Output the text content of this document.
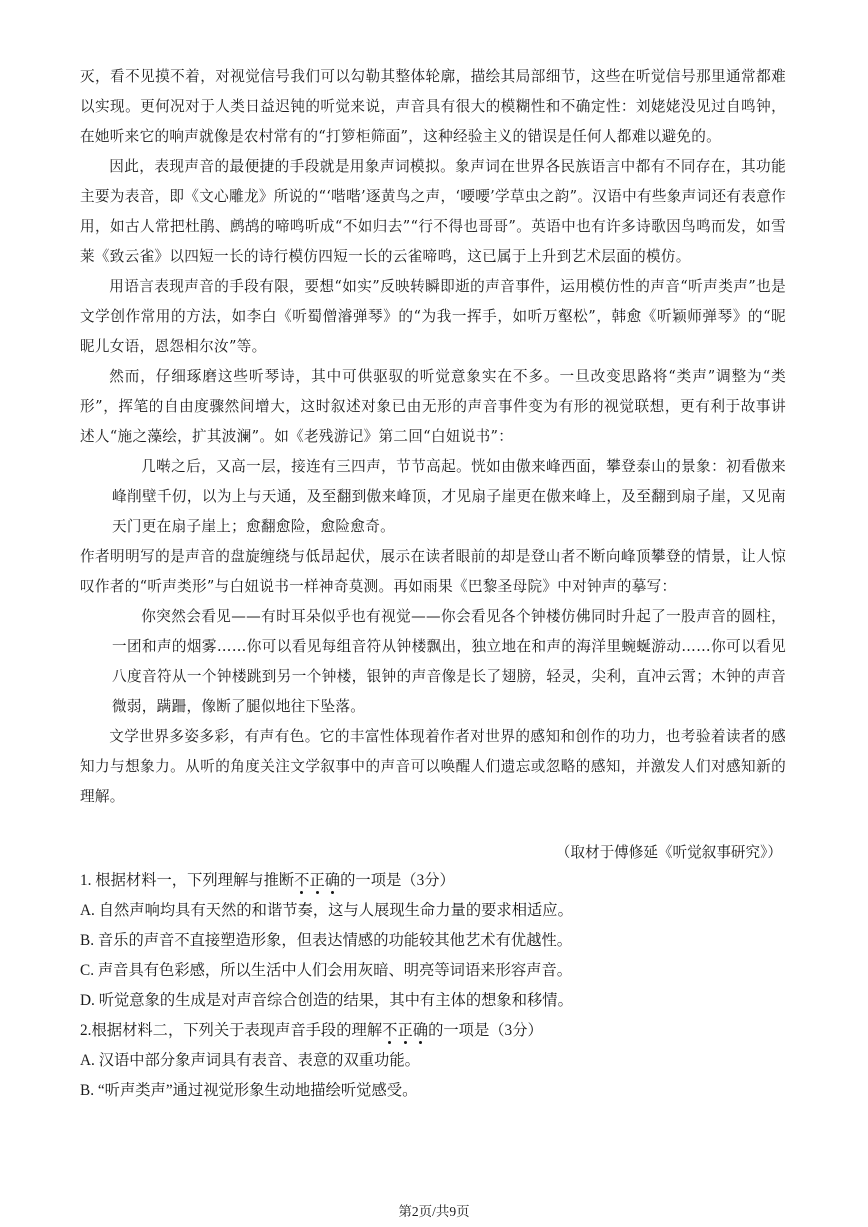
灭，看不见摸不着，对视觉信号我们可以勾勒其整体轮廓，描绘其局部细节，这些在听觉信号那里通常都难以实现。更何况对于人类日益迟钝的听觉来说，声音具有很大的模糊性和不确定性：刘姥姥没见过自鸣钟，在她听来它的响声就像是农村常有的“打箩柜筛面”，这种经验主义的错误是任何人都难以避免的。

因此，表现声音的最便捷的手段就是用象声词模拟。象声词在世界各民族语言中都有不同存在，其功能主要为表音，即《文心雕龙》所说的“‘喈喈’逐黄鸟之声，‘喓喓’学草虫之韵”。汉语中有些象声词还有表意作用，如古人常把杜鹃、鹧鸪的啼鸣听成“不如归去”“行不得也哥哥”。英语中也有许多诗歌因鸟鸣而发，如雪莱《致云雀》以四短一长的诗行模仿四短一长的云雀啼鸣，这已属于上升到艺术层面的模仿。

用语言表现声音的手段有限，要想“如实”反映转瞬即逝的声音事件，运用模仿性的声音“听声类声”也是文学创作常用的方法，如李白《听蜀僧濬弹琴》的“为我一挥手，如听万壑松”，韩愈《听颖师弹琴》的“昵昵儿女语，恩怨相尔汝”等。

然而，仔细琢磨这些听琴诗，其中可供驱驭的听觉意象实在不多。一旦改变思路将“类声”调整为“类形”，挥笔的自由度骤然间增大，这时叙述对象已由无形的声音事件变为有形的视觉联想，更有利于故事讲述人“施之藻绘，扩其波澜”。如《老残游记》第二回“白妞说书”：

几啭之后，又高一层，接连有三四声，节节高起。恍如由傲来峰西面，攀登泰山的景象：初看傲来峰削壁千仞，以为上与天通，及至翻到傲来峰顶，才见扇子崖更在傲来峰上，及至翻到扇子崖，又见南天门更在扇子崖上；愈翻愈险，愈险愈奇。

作者明明写的是声音的盘旋缠绕与低昂起伏，展示在读者眼前的却是登山者不断向峰顶攀登的情景，让人惊叹作者的“听声类形”与白妞说书一样神奇莫测。再如雨果《巴黎圣母院》中对钟声的摹写：

你突然会看见——有时耳朵似乎也有视觉——你会看见各个钟楼仿佛同时升起了一股声音的圆柱，一团和声的烟雾……你可以看见每组音符从钟楼飘出，独立地在和声的海洋里蜿蜒游动……你可以看见八度音符从一个钟楼跳到另一个钟楼，银钟的声音像是长了翅膀，轻灵，尖利，直冲云霄；木钟的声音微弱，蹒跚，像断了腿似地往下坠落。

文学世界多姿多彩，有声有色。它的丰富性体现着作者对世界的感知和创作的功力，也考验着读者的感知力与想象力。从听的角度关注文学叙事中的声音可以唤醒人们遗忘或忽略的感知，并激发人们对感知新的理解。

（取材于傅修延《听觉叙事研究》）
1. 根据材料一，下列理解与推断不正确的一项是（3分）
A. 自然声响均具有天然的和谐节奏，这与人展现生命力量的要求相适应。
B. 音乐的声音不直接塑造形象，但表达情感的功能较其他艺术有优越性。
C. 声音具有色彩感，所以生活中人们会用灰暗、明亮等词语来形容声音。
D. 听觉意象的生成是对声音综合创造的结果，其中有主体的想象和移情。
2.根据材料二，下列关于表现声音手段的理解不正确的一项是（3分）
A. 汉语中部分象声词具有表音、表意的双重功能。
B. “听声类声”通过视觉形象生动地描绘听觉感受。
第2页/共9页
